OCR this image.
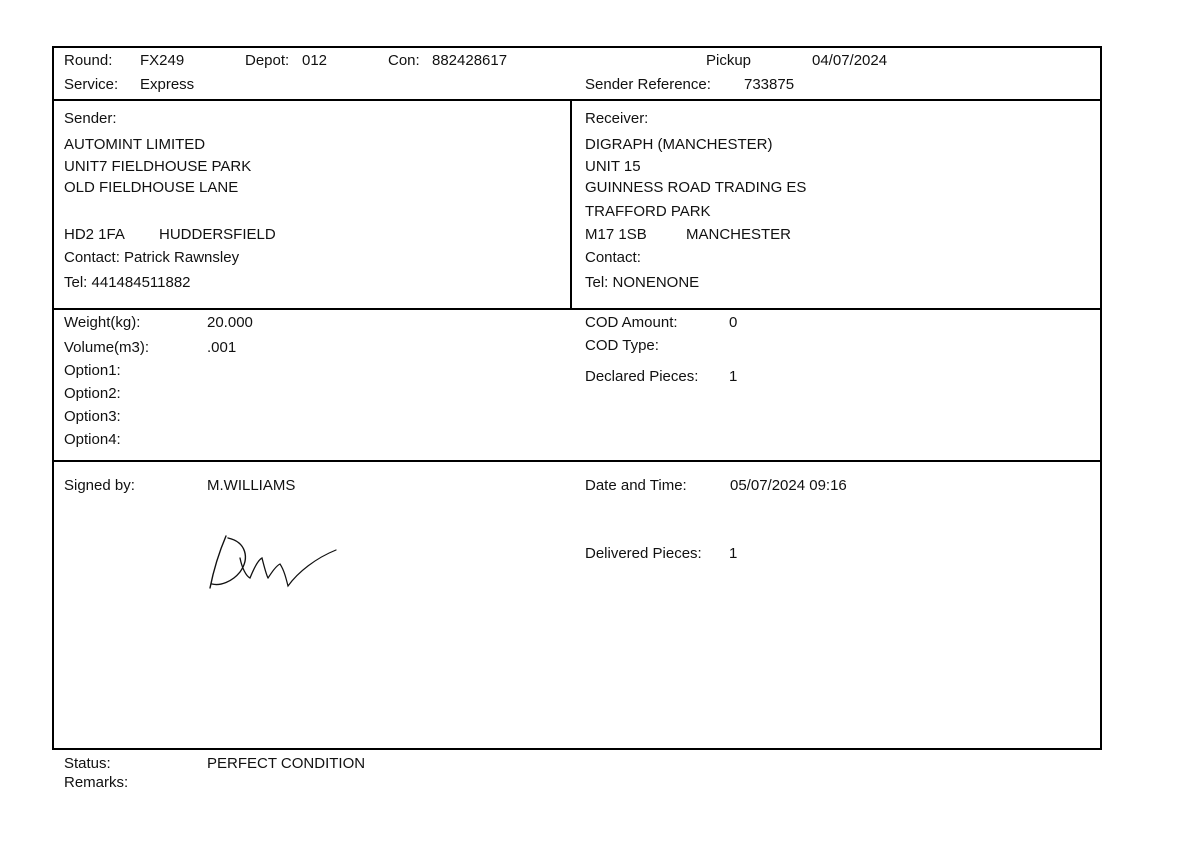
Round: FX249	Depot: 012	Con: 882428617
Service: Express
Pickup	04/07/2024
Sender Reference: 733875
Sender:
AUTOMINT LIMITED
UNIT7 FIELDHOUSE PARK
OLD FIELDHOUSE LANE
HD2 1FA HUDDERSFIELD
Contact: Patrick Rawnsley
Tel: 441484511882
Receiver:
DIGRAPH (MANCHESTER)
UNIT 15
GUINNESS ROAD TRADING ES
TRAFFORD PARK
M17 1SB	MANCHESTER
Contact:
Tel: NONENONE
Weight(kg):	20.000
Volume(m3):	.001
Option1:
Option2:
Option3:
Option4:
COD Amount:	0
COD Type:
Declared Pieces: 1
Signed by:	M.WILLIAMS	Date and Time:	05/07/2024 09:16
Delivered Pieces: 1
Status:	PERFECT CONDITION
Remarks:
